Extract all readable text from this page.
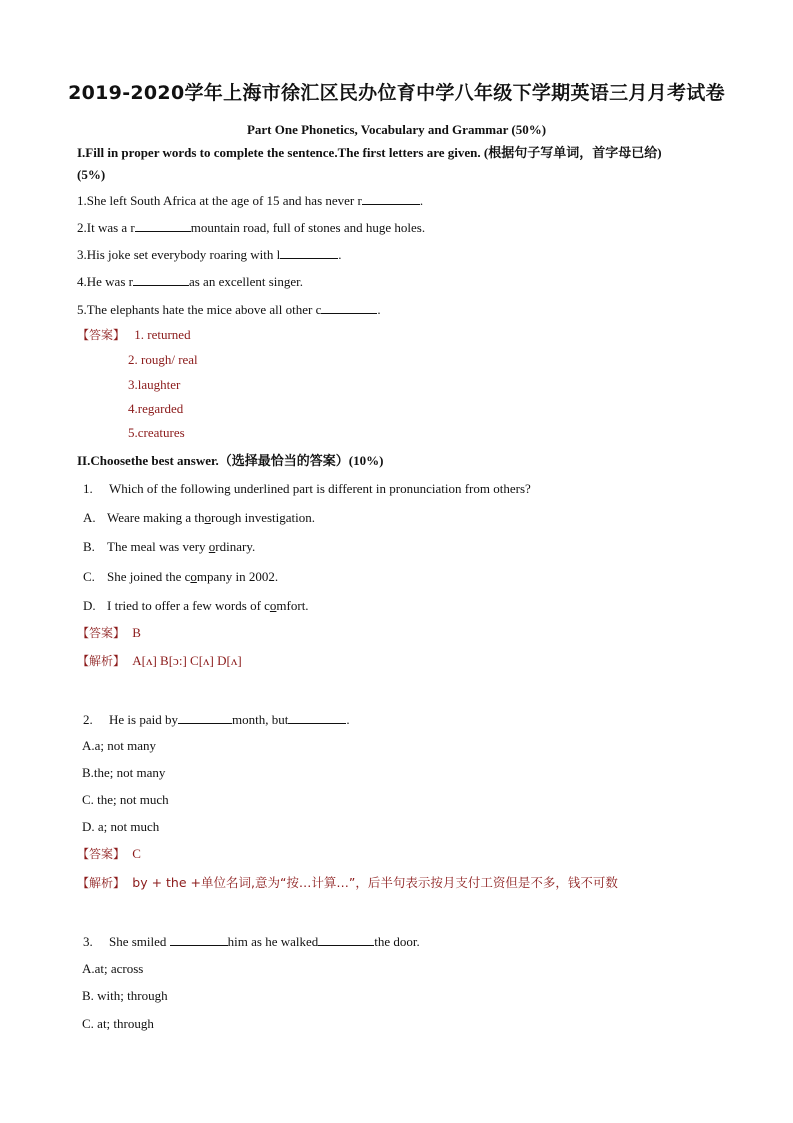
2019-2020学年上海市徐汇区民办位育中学八年级下学期英语三月月考试卷
Part One Phonetics, Vocabulary and Grammar (50%)
I.Fill in proper words to complete the sentence.The first letters are given. (根据句子写单词，首字母已给)
(5%)
1.She left South Africa at the age of 15 and has never r	.
2.It was a r	mountain road, full of stones and huge holes.
3.His joke set everybody roaring with l	.
4.He was r	as an excellent singer.
5.The elephants hate the mice above all other c	.
【答案】 1. returned
2. rough/ real
3.laughter
4.regarded
5.creatures
II.Choosethe best answer.（选择最恰当的答案）(10%)
1. Which of the following underlined part is different in pronunciation from others?
A. Weare making a thorough investigation.
B. The meal was very ordinary.
C. She joined the company in 2002.
D. I tried to offer a few words of comfort.
【答案】 B
【解析】 A[ʌ] B[ɔ:] C[ʌ] D[ʌ]
2. He is paid by	month, but	.
A.a; not many
B.the; not many
C. the; not much
D. a; not much
【答案】 C
【解析】 by + the +单位名词,意为“按…计算…”，后半句表示按月支付工资但是不多，钱不可数
3. She smiled	him as he walked	the door.
A.at; across
B. with; through
C. at; through
